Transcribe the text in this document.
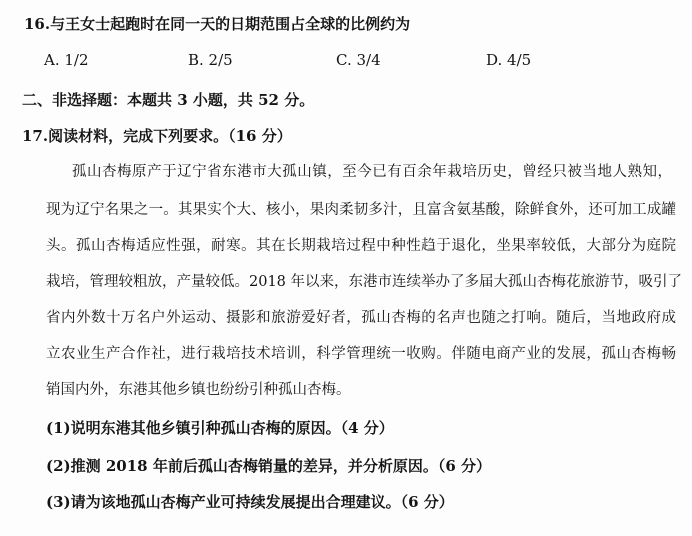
16.与王女士起跑时在同一天的日期范围占全球的比例约为
A. 1/2	B. 2/5	C. 3/4	D. 4/5
二、非选择题：本题共 3 小题，共 52 分。
17.阅读材料，完成下列要求。（16 分）
孤山杏梅原产于辽宁省东港市大孤山镇，至今已有百余年栽培历史，曾经只被当地人熟知，
现为辽宁名果之一。其果实个大、核小，果肉柔韧多汁，且富含氨基酸，除鲜食外，还可加工成罐
头。孤山杏梅适应性强，耐寒。其在长期栽培过程中种性趋于退化，坐果率较低，大部分为庭院
栽培，管理较粗放，产量较低。2018 年以来，东港市连续举办了多届大孤山杏梅花旅游节，吸引了
省内外数十万名户外运动、摄影和旅游爱好者，孤山杏梅的名声也随之打响。随后，当地政府成
立农业生产合作社，进行栽培技术培训，科学管理统一收购。伴随电商产业的发展，孤山杏梅畅
销国内外，东港其他乡镇也纷纷引种孤山杏梅。
(1)说明东港其他乡镇引种孤山杏梅的原因。（4 分）
(2)推测 2018 年前后孤山杏梅销量的差异，并分析原因。（6 分）
(3)请为该地孤山杏梅产业可持续发展提出合理建议。（6 分）
